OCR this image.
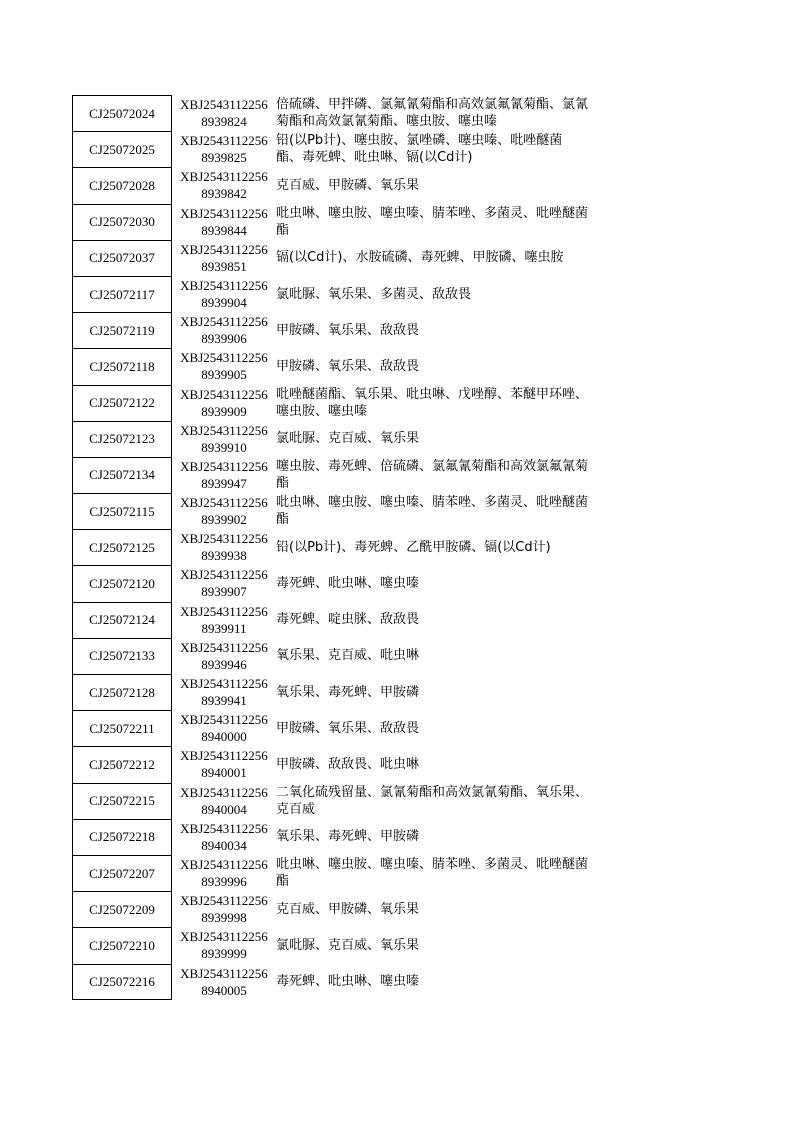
CJ25072024
XBJ2543112256
8939824
倍硫磷、甲拌磷、氯氟氰菊酯和高效氯氟氰菊酯、氯氰菊酯和高效氯氰菊酯、噻虫胺、噻虫嗪
CJ25072025
XBJ2543112256
8939825
铅(以Pb计)、噻虫胺、氯唑磷、噻虫嗪、吡唑醚菌酯、毒死蜱、吡虫啉、镉(以Cd计)
CJ25072028
XBJ2543112256
8939842
克百威、甲胺磷、氧乐果
CJ25072030
XBJ2543112256
8939844
吡虫啉、噻虫胺、噻虫嗪、腈苯唑、多菌灵、吡唑醚菌酯
CJ25072037
XBJ2543112256
8939851
镉(以Cd计)、水胺硫磷、毒死蜱、甲胺磷、噻虫胺
CJ25072117
XBJ2543112256
8939904
氯吡脲、氧乐果、多菌灵、敌敌畏
CJ25072119
XBJ2543112256
8939906
甲胺磷、氧乐果、敌敌畏
CJ25072118
XBJ2543112256
8939905
甲胺磷、氧乐果、敌敌畏
CJ25072122
XBJ2543112256
8939909
吡唑醚菌酯、氧乐果、吡虫啉、戊唑醇、苯醚甲环唑、噻虫胺、噻虫嗪
CJ25072123
XBJ2543112256
8939910
氯吡脲、克百威、氧乐果
CJ25072134
XBJ2543112256
8939947
噻虫胺、毒死蜱、倍硫磷、氯氟氰菊酯和高效氯氟氰菊酯
CJ25072115
XBJ2543112256
8939902
吡虫啉、噻虫胺、噻虫嗪、腈苯唑、多菌灵、吡唑醚菌酯
CJ25072125
XBJ2543112256
8939938
铅(以Pb计)、毒死蜱、乙酰甲胺磷、镉(以Cd计)
CJ25072120
XBJ2543112256
8939907
毒死蜱、吡虫啉、噻虫嗪
CJ25072124
XBJ2543112256
8939911
毒死蜱、啶虫脒、敌敌畏
CJ25072133
XBJ2543112256
8939946
氧乐果、克百威、吡虫啉
CJ25072128
XBJ2543112256
8939941
氧乐果、毒死蜱、甲胺磷
CJ25072211
XBJ2543112256
8940000
甲胺磷、氧乐果、敌敌畏
CJ25072212
XBJ2543112256
8940001
甲胺磷、敌敌畏、吡虫啉
CJ25072215
XBJ2543112256
8940004
二氧化硫残留量、氯氰菊酯和高效氯氰菊酯、氧乐果、克百威
CJ25072218
XBJ2543112256
8940034
氧乐果、毒死蜱、甲胺磷
CJ25072207
XBJ2543112256
8939996
吡虫啉、噻虫胺、噻虫嗪、腈苯唑、多菌灵、吡唑醚菌酯
CJ25072209
XBJ2543112256
8939998
克百威、甲胺磷、氧乐果
CJ25072210
XBJ2543112256
8939999
氯吡脲、克百威、氧乐果
CJ25072216
XBJ2543112256
8940005
毒死蜱、吡虫啉、噻虫嗪
